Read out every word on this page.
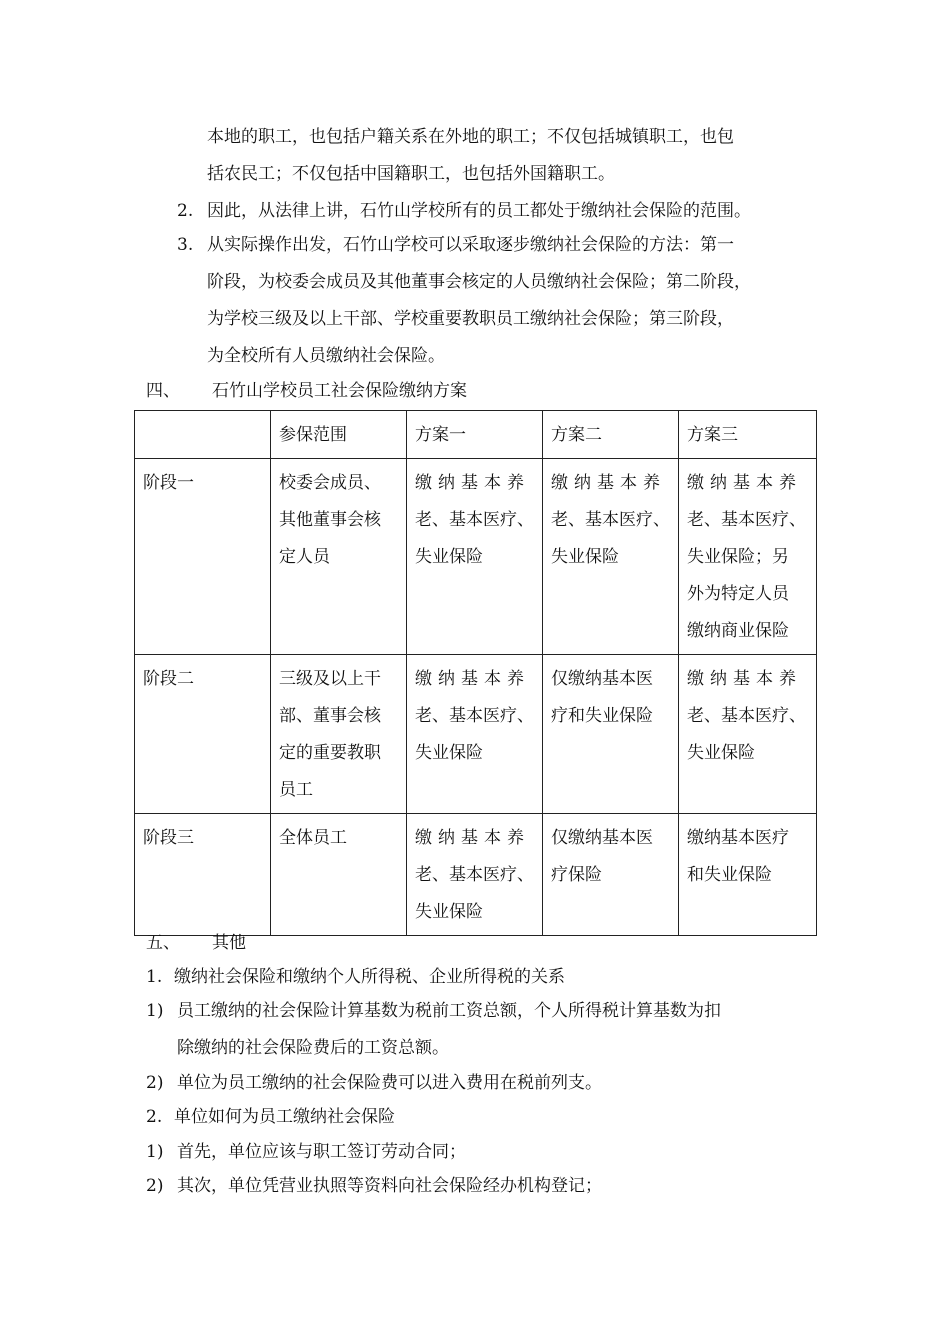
本地的职工，也包括户籍关系在外地的职工；不仅包括城镇职工，也包
括农民工；不仅包括中国籍职工，也包括外国籍职工。
2. 因此，从法律上讲，石竹山学校所有的员工都处于缴纳社会保险的范围。
3. 从实际操作出发，石竹山学校可以采取逐步缴纳社会保险的方法：第一
阶段，为校委会成员及其他董事会核定的人员缴纳社会保险；第二阶段，
为学校三级及以上干部、学校重要教职员工缴纳社会保险；第三阶段，
为全校所有人员缴纳社会保险。
四、 石竹山学校员工社会保险缴纳方案
	参保范围	方案一	方案二	方案三
阶段一	校委会成员、
其他董事会核
定人员	缴纳基本养
老、基本医疗、
失业保险	缴纳基本养
老、基本医疗、
失业保险	缴纳基本养
老、基本医疗、
失业保险；另
外为特定人员
缴纳商业保险

阶段二	三级及以上干
部、董事会核
定的重要教职
员工	缴纳基本养
老、基本医疗、
失业保险	仅缴纳基本医
疗和失业保险	缴纳基本养
老、基本医疗、
失业保险

阶段三	全体员工	缴纳基本养
老、基本医疗、
失业保险	仅缴纳基本医
疗保险	缴纳基本医疗
和失业保险
五、 其他
1. 缴纳社会保险和缴纳个人所得税、企业所得税的关系
1) 员工缴纳的社会保险计算基数为税前工资总额，个人所得税计算基数为扣
除缴纳的社会保险费后的工资总额。
2) 单位为员工缴纳的社会保险费可以进入费用在税前列支。
2. 单位如何为员工缴纳社会保险
1) 首先，单位应该与职工签订劳动合同；
2) 其次，单位凭营业执照等资料向社会保险经办机构登记；
